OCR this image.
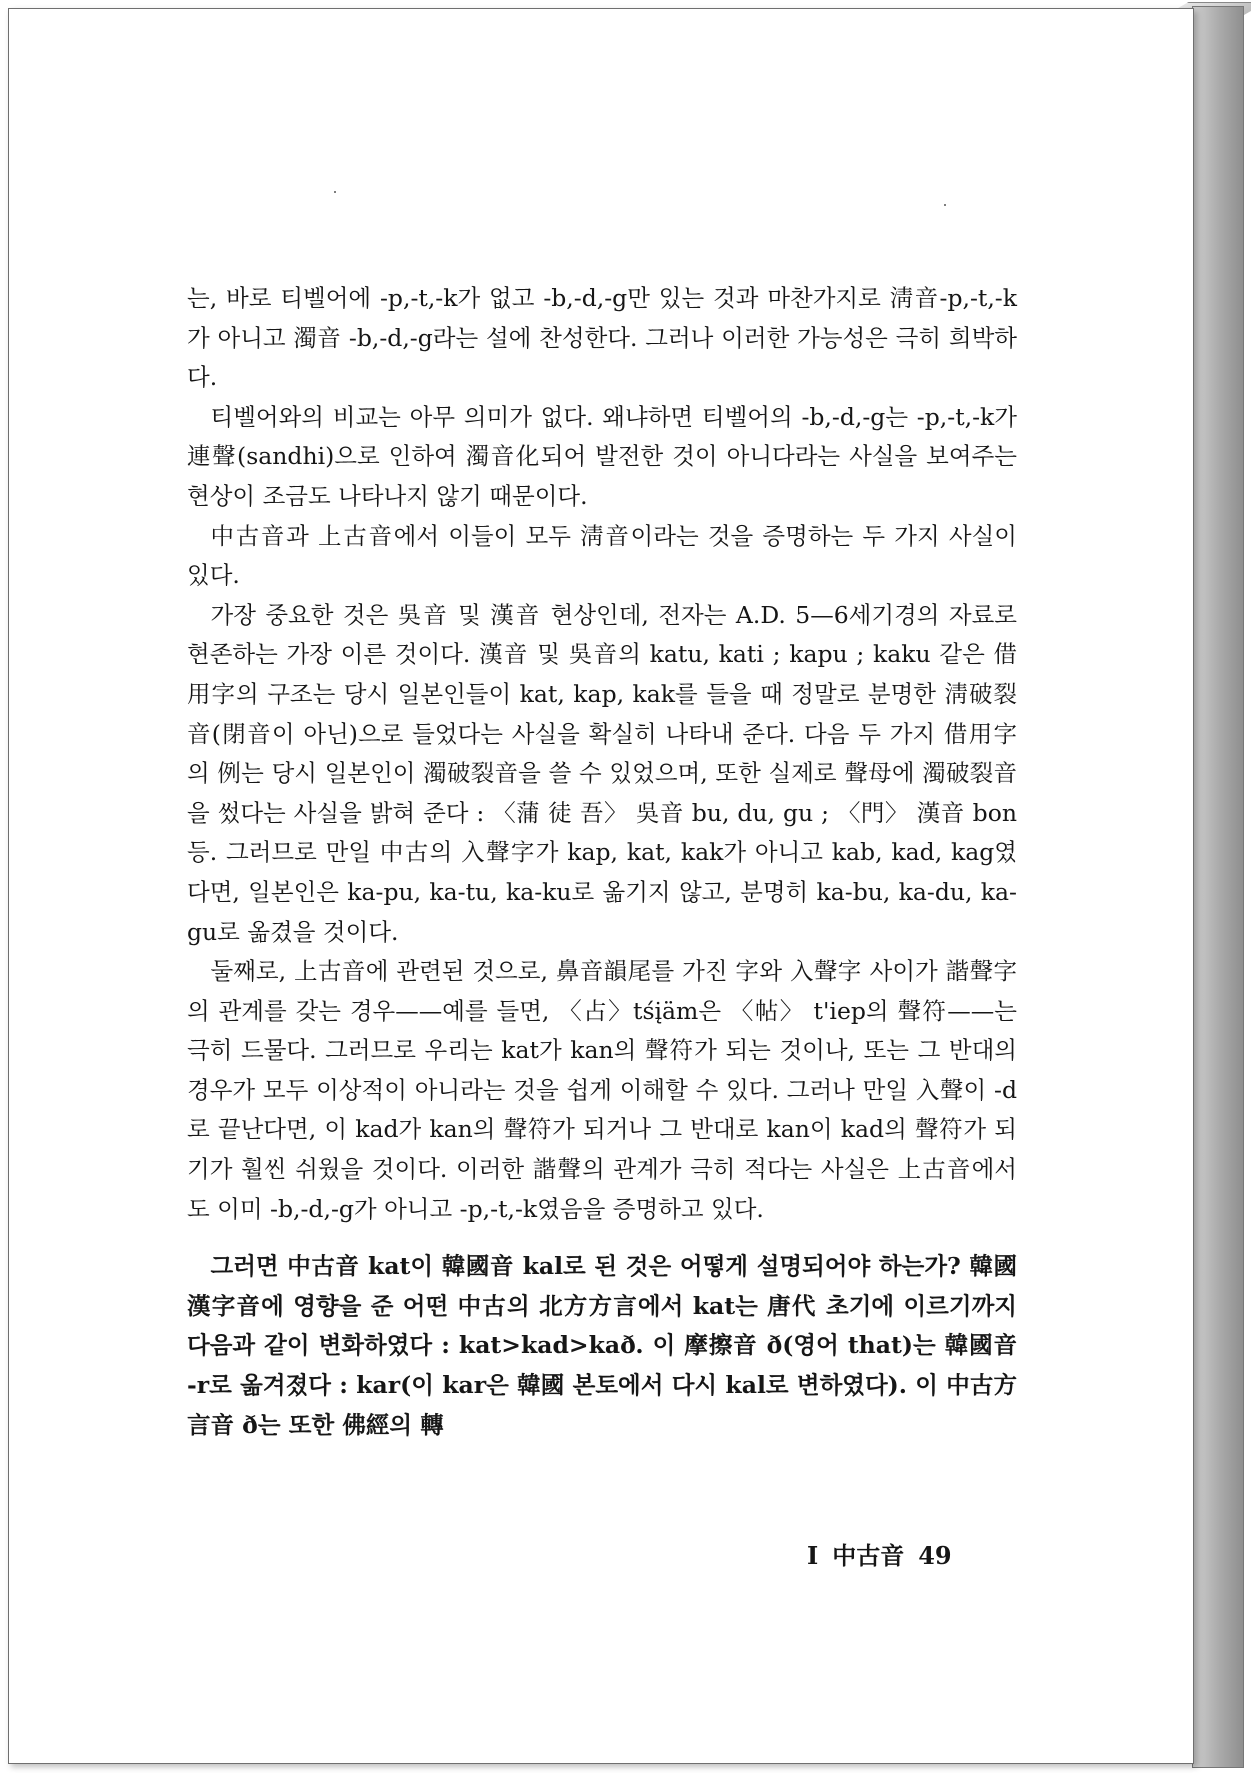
는, 바로 티벨어에 -p,-t,-k가 없고 -b,-d,-g만 있는 것과 마찬가지로 淸音-p,-t,-k가 아니고 濁音 -b,-d,-g라는 설에 찬성한다. 그러나 이러한 가능성은 극히 희박하다.

티벨어와의 비교는 아무 의미가 없다. 왜냐하면 티벨어의 -b,-d,-g는 -p,-t,-k가 連聲(sandhi)으로 인하여 濁音化되어 발전한 것이 아니다라는 사실을 보여주는 현상이 조금도 나타나지 않기 때문이다.

中古音과 上古音에서 이들이 모두 淸音이라는 것을 증명하는 두 가지 사실이 있다.

가장 중요한 것은 吳音 및 漢音 현상인데, 전자는 A.D. 5—6세기경의 자료로 현존하는 가장 이른 것이다. 漢音 및 吳音의 katu, kati ; kapu ; kaku 같은 借用字의 구조는 당시 일본인들이 kat, kap, kak를 들을 때 정말로 분명한 淸破裂音(閉音이 아닌)으로 들었다는 사실을 확실히 나타내 준다. 다음 두 가지 借用字의 例는 당시 일본인이 濁破裂音을 쓸 수 있었으며, 또한 실제로 聲母에 濁破裂音을 썼다는 사실을 밝혀 준다 : 〈蒲 徒 吾〉 吳音 bu, du, gu ; 〈門〉 漢音 bon 등. 그러므로 만일 中古의 入聲字가 kap, kat, kak가 아니고 kab, kad, kag였다면, 일본인은 ka-pu, ka-tu, ka-ku로 옮기지 않고, 분명히 ka-bu, ka-du, ka-gu로 옮겼을 것이다.

둘째로, 上古音에 관련된 것으로, 鼻音韻尾를 가진 字와 入聲字 사이가 諧聲字의 관계를 갖는 경우——예를 들면, 〈占〉tśįäm은 〈帖〉 t'iep의 聲符——는 극히 드물다. 그러므로 우리는 kat가 kan의 聲符가 되는 것이나, 또는 그 반대의 경우가 모두 이상적이 아니라는 것을 쉽게 이해할 수 있다. 그러나 만일 入聲이 -d로 끝난다면, 이 kad가 kan의 聲符가 되거나 그 반대로 kan이 kad의 聲符가 되기가 훨씬 쉬웠을 것이다. 이러한 諧聲의 관계가 극히 적다는 사실은 上古音에서도 이미 -b,-d,-g가 아니고 -p,-t,-k였음을 증명하고 있다.

그러면 中古音 kat이 韓國音 kal로 된 것은 어떻게 설명되어야 하는가? 韓國漢字音에 영향을 준 어떤 中古의 北方方言에서 kat는 唐代 초기에 이르기까지 다음과 같이 변화하였다 : kat>kad>kað. 이 摩擦音 ð(영어 that)는 韓國音 -r로 옮겨졌다 : kar(이 kar은 韓國 본토에서 다시 kal로 변하였다). 이 中古方言音 ð는 또한 佛經의 轉

I 中古音 49
